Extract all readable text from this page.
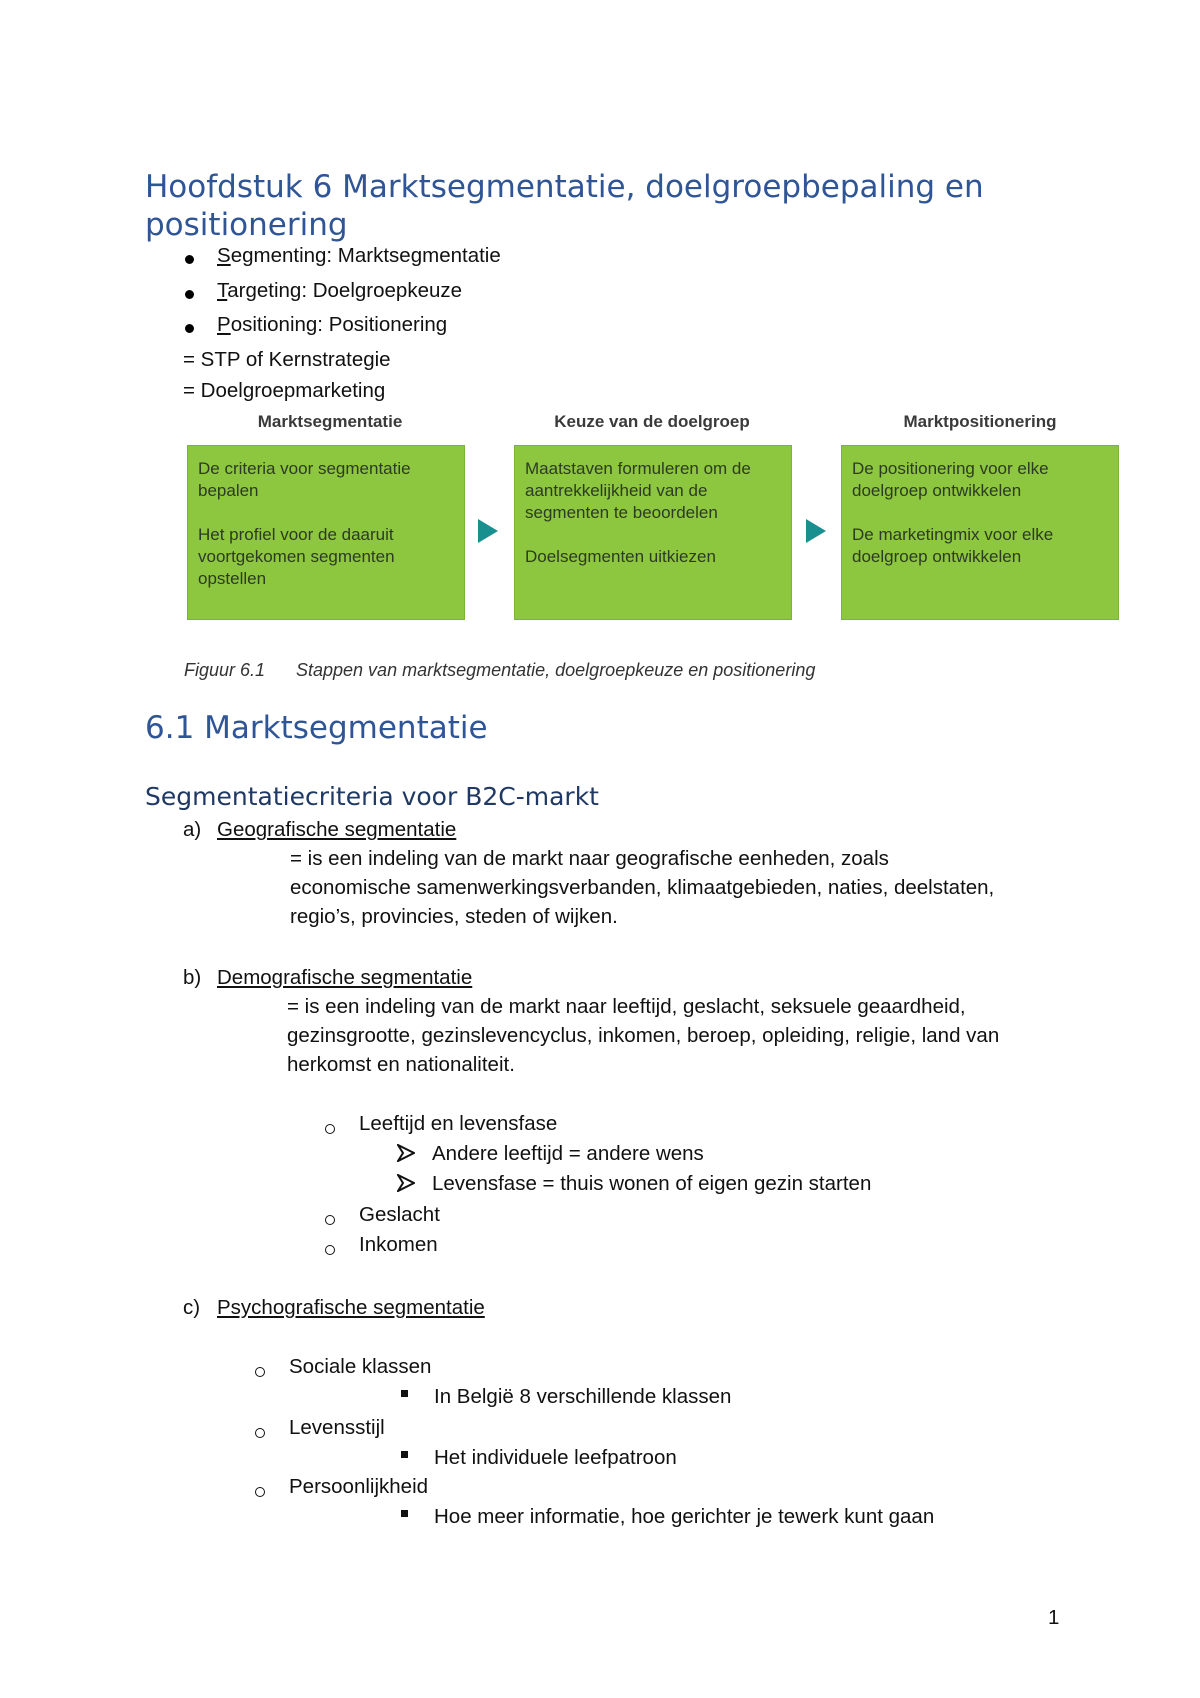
Hoofdstuk 6 Marktsegmentatie, doelgroepbepaling en
positionering
Segmenting: Marktsegmentatie
Targeting: Doelgroepkeuze
Positioning: Positionering
= STP of Kernstrategie
= Doelgroepmarketing
Marktsegmentatie	Keuze van de doelgroep	Marktpositionering

De criteria voor segmentatie bepalen

Het profiel voor de daaruit voortgekomen segmenten opstellen

Maatstaven formuleren om de aantrekkelijkheid van de segmenten te beoordelen

Doelsegmenten uitkiezen

De positionering voor elke doelgroep ontwikkelen

De marketingmix voor elke doelgroep ontwikkelen

Figuur 6.1 Stappen van marktsegmentatie, doelgroepkeuze en positionering
6.1 Marktsegmentatie
Segmentatiecriteria voor B2C-markt
a) Geografische segmentatie
= is een indeling van de markt naar geografische eenheden, zoals
economische samenwerkingsverbanden, klimaatgebieden, naties, deelstaten,
regio’s, provincies, steden of wijken.
b) Demografische segmentatie
= is een indeling van de markt naar leeftijd, geslacht, seksuele geaardheid,
gezinsgrootte, gezinslevencyclus, inkomen, beroep, opleiding, religie, land van
herkomst en nationaliteit.
Leeftijd en levensfase
Andere leeftijd = andere wens
Levensfase = thuis wonen of eigen gezin starten
Geslacht
Inkomen
c) Psychografische segmentatie
Sociale klassen
In België 8 verschillende klassen
Levensstijl
Het individuele leefpatroon
Persoonlijkheid
Hoe meer informatie, hoe gerichter je tewerk kunt gaan
1
